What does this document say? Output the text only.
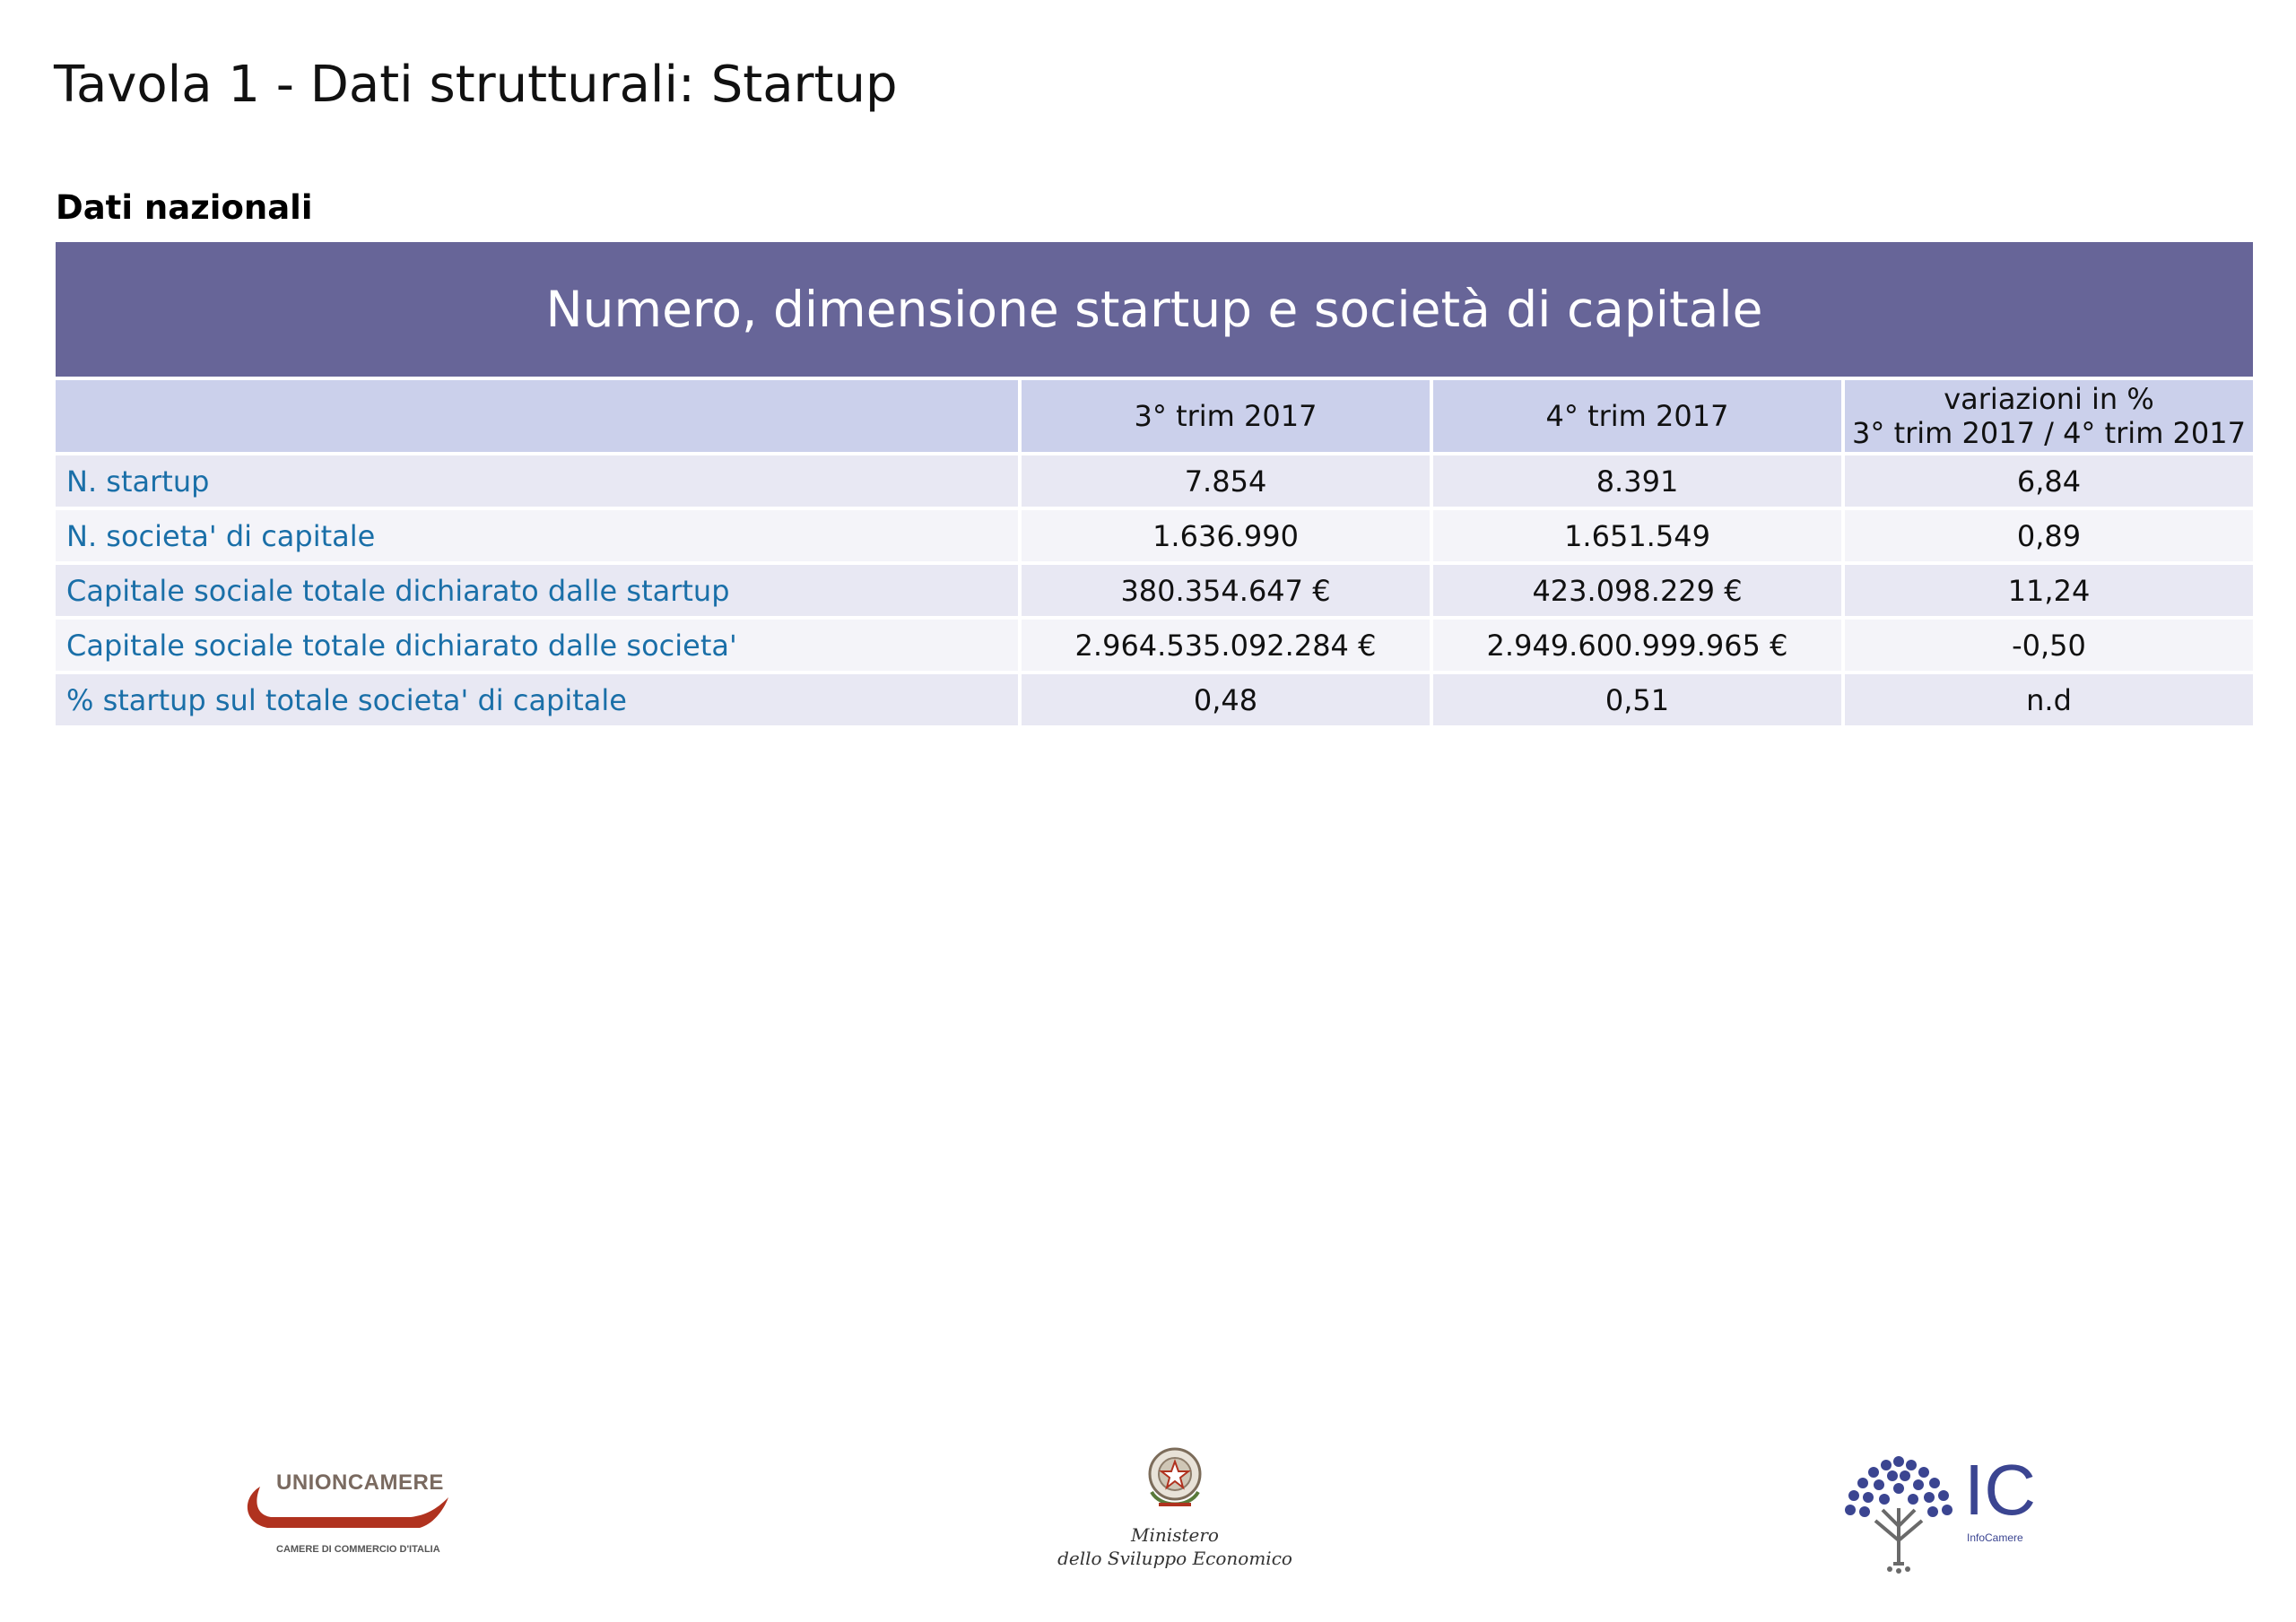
Tavola 1 - Dati strutturali: Startup
Dati nazionali
Numero, dimensione startup e società di capitale
	3° trim 2017	4° trim 2017	variazioni in %
3° trim 2017 / 4° trim 2017

N. startup	7.854	8.391	6,84
N. societa' di capitale	1.636.990	1.651.549	0,89
Capitale sociale totale dichiarato dalle startup	380.354.647 €	423.098.229 €	11,24
Capitale sociale totale dichiarato dalle societa'	2.964.535.092.284 €	2.949.600.999.965 €	-0,50
% startup sul totale societa' di capitale	0,48	0,51	n.d
UNIONCAMERE
CAMERE DI COMMERCIO D'ITALIA
Ministero
dello Sviluppo Economico
IC
InfoCamere
